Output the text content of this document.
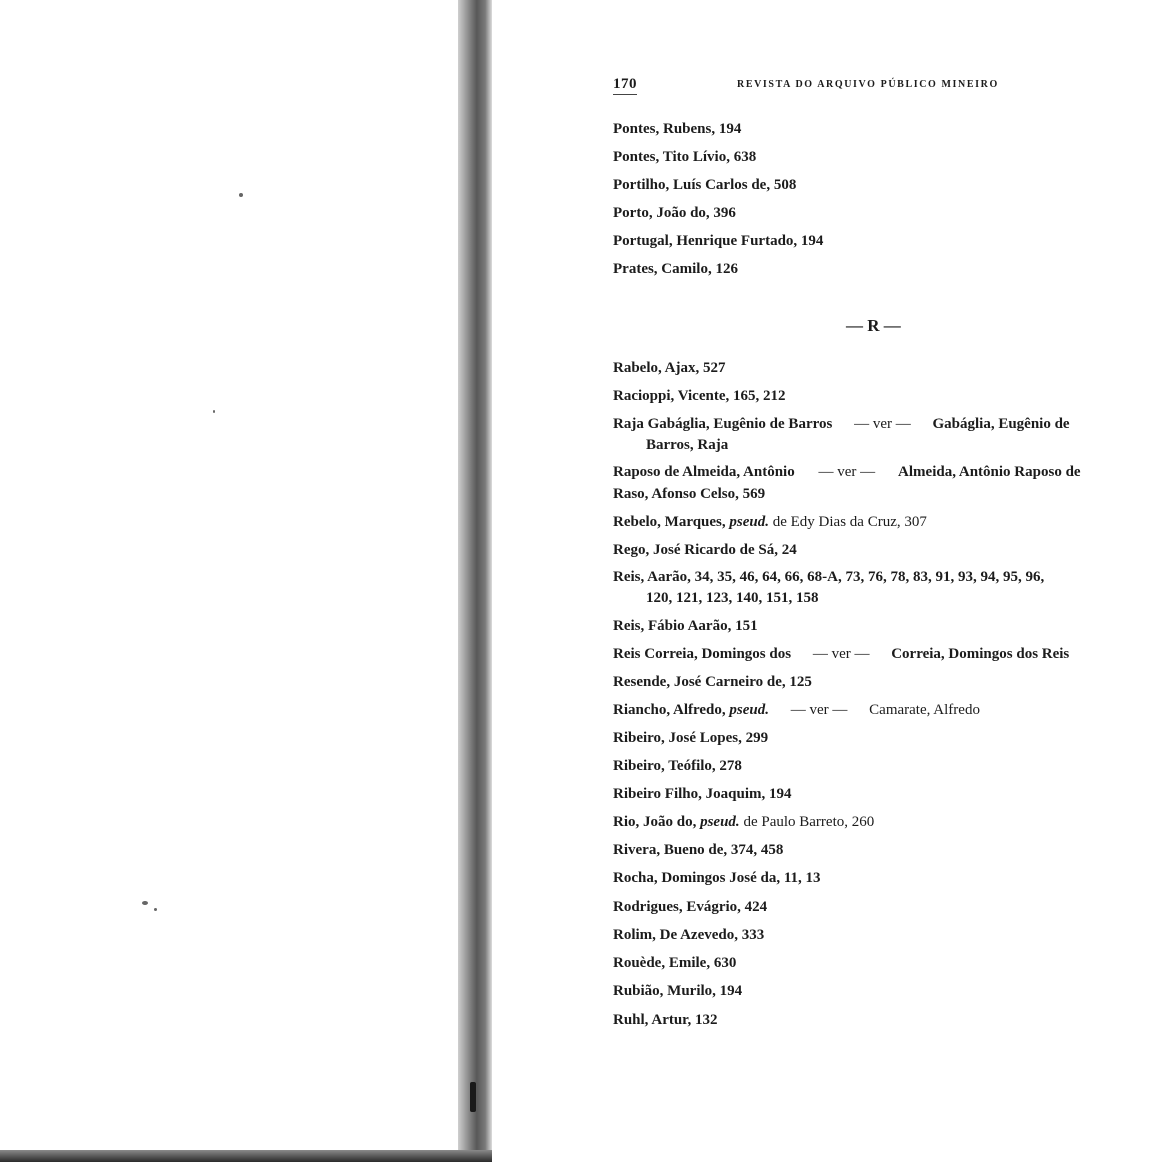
170	REVISTA DO ARQUIVO PÚBLICO MINEIRO
Pontes, Rubens, 194
Pontes, Tito Lívio, 638
Portilho, Luís Carlos de, 508
Porto, João do, 396
Portugal, Henrique Furtado, 194
Prates, Camilo, 126
Rabelo, Ajax, 527
Racioppi, Vicente, 165, 212
Raja Gabáglia, Eugênio de Barros — ver — Gabáglia, Eugênio de
Barros, Raja
Raposo de Almeida, Antônio — ver — Almeida, Antônio Raposo de
Raso, Afonso Celso, 569
Rebelo, Marques, pseud. de Edy Dias da Cruz, 307
Rego, José Ricardo de Sá, 24
Reis, Aarão, 34, 35, 46, 64, 66, 68-A, 73, 76, 78, 83, 91, 93, 94, 95, 96,
120, 121, 123, 140, 151, 158
Reis, Fábio Aarão, 151
Reis Correia, Domingos dos — ver — Correia, Domingos dos Reis
Resende, José Carneiro de, 125
Riancho, Alfredo, pseud. — ver — Camarate, Alfredo
Ribeiro, José Lopes, 299
Ribeiro, Teófilo, 278
Ribeiro Filho, Joaquim, 194
Rio, João do, pseud. de Paulo Barreto, 260
Rivera, Bueno de, 374, 458
Rocha, Domingos José da, 11, 13
Rodrigues, Evágrio, 424
Rolim, De Azevedo, 333
Rouède, Emile, 630
Rubião, Murilo, 194
Ruhl, Artur, 132
— R —
